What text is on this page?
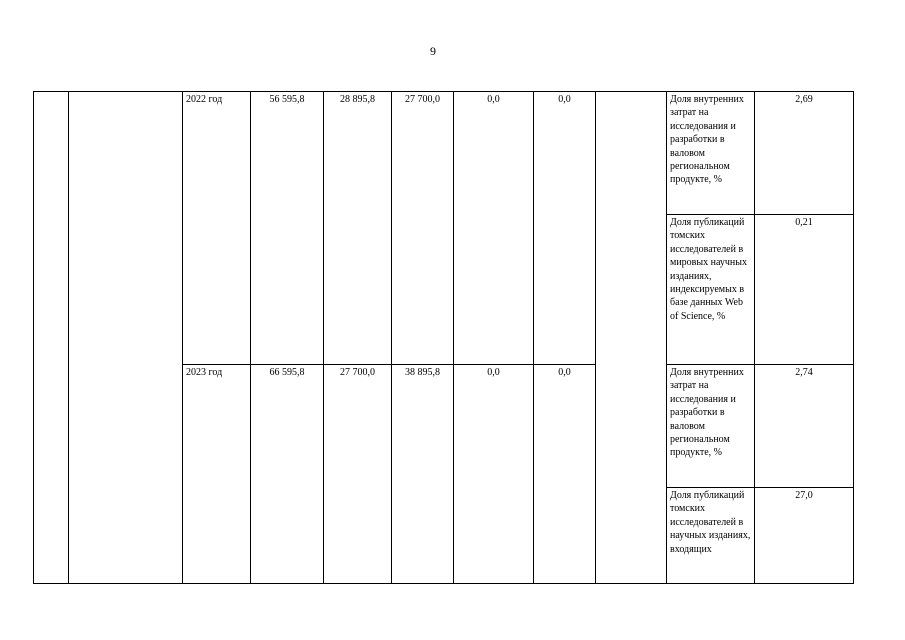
9
		2022 год	56 595,8	28 895,8	27 700,0	0,0	0,0		Доля внутренних затрат на исследования и разработки в валовом региональном продукте, %	2,69
									Доля публикаций томских исследователей в мировых научных изданиях, индексируемых в базе данных Web of Science, %	0,21
		2023 год	66 595,8	27 700,0	38 895,8	0,0	0,0		Доля внутренних затрат на исследования и разработки в валовом региональном продукте, %	2,74
									Доля публикаций томских исследователей в научных изданиях, входящих	27,0
